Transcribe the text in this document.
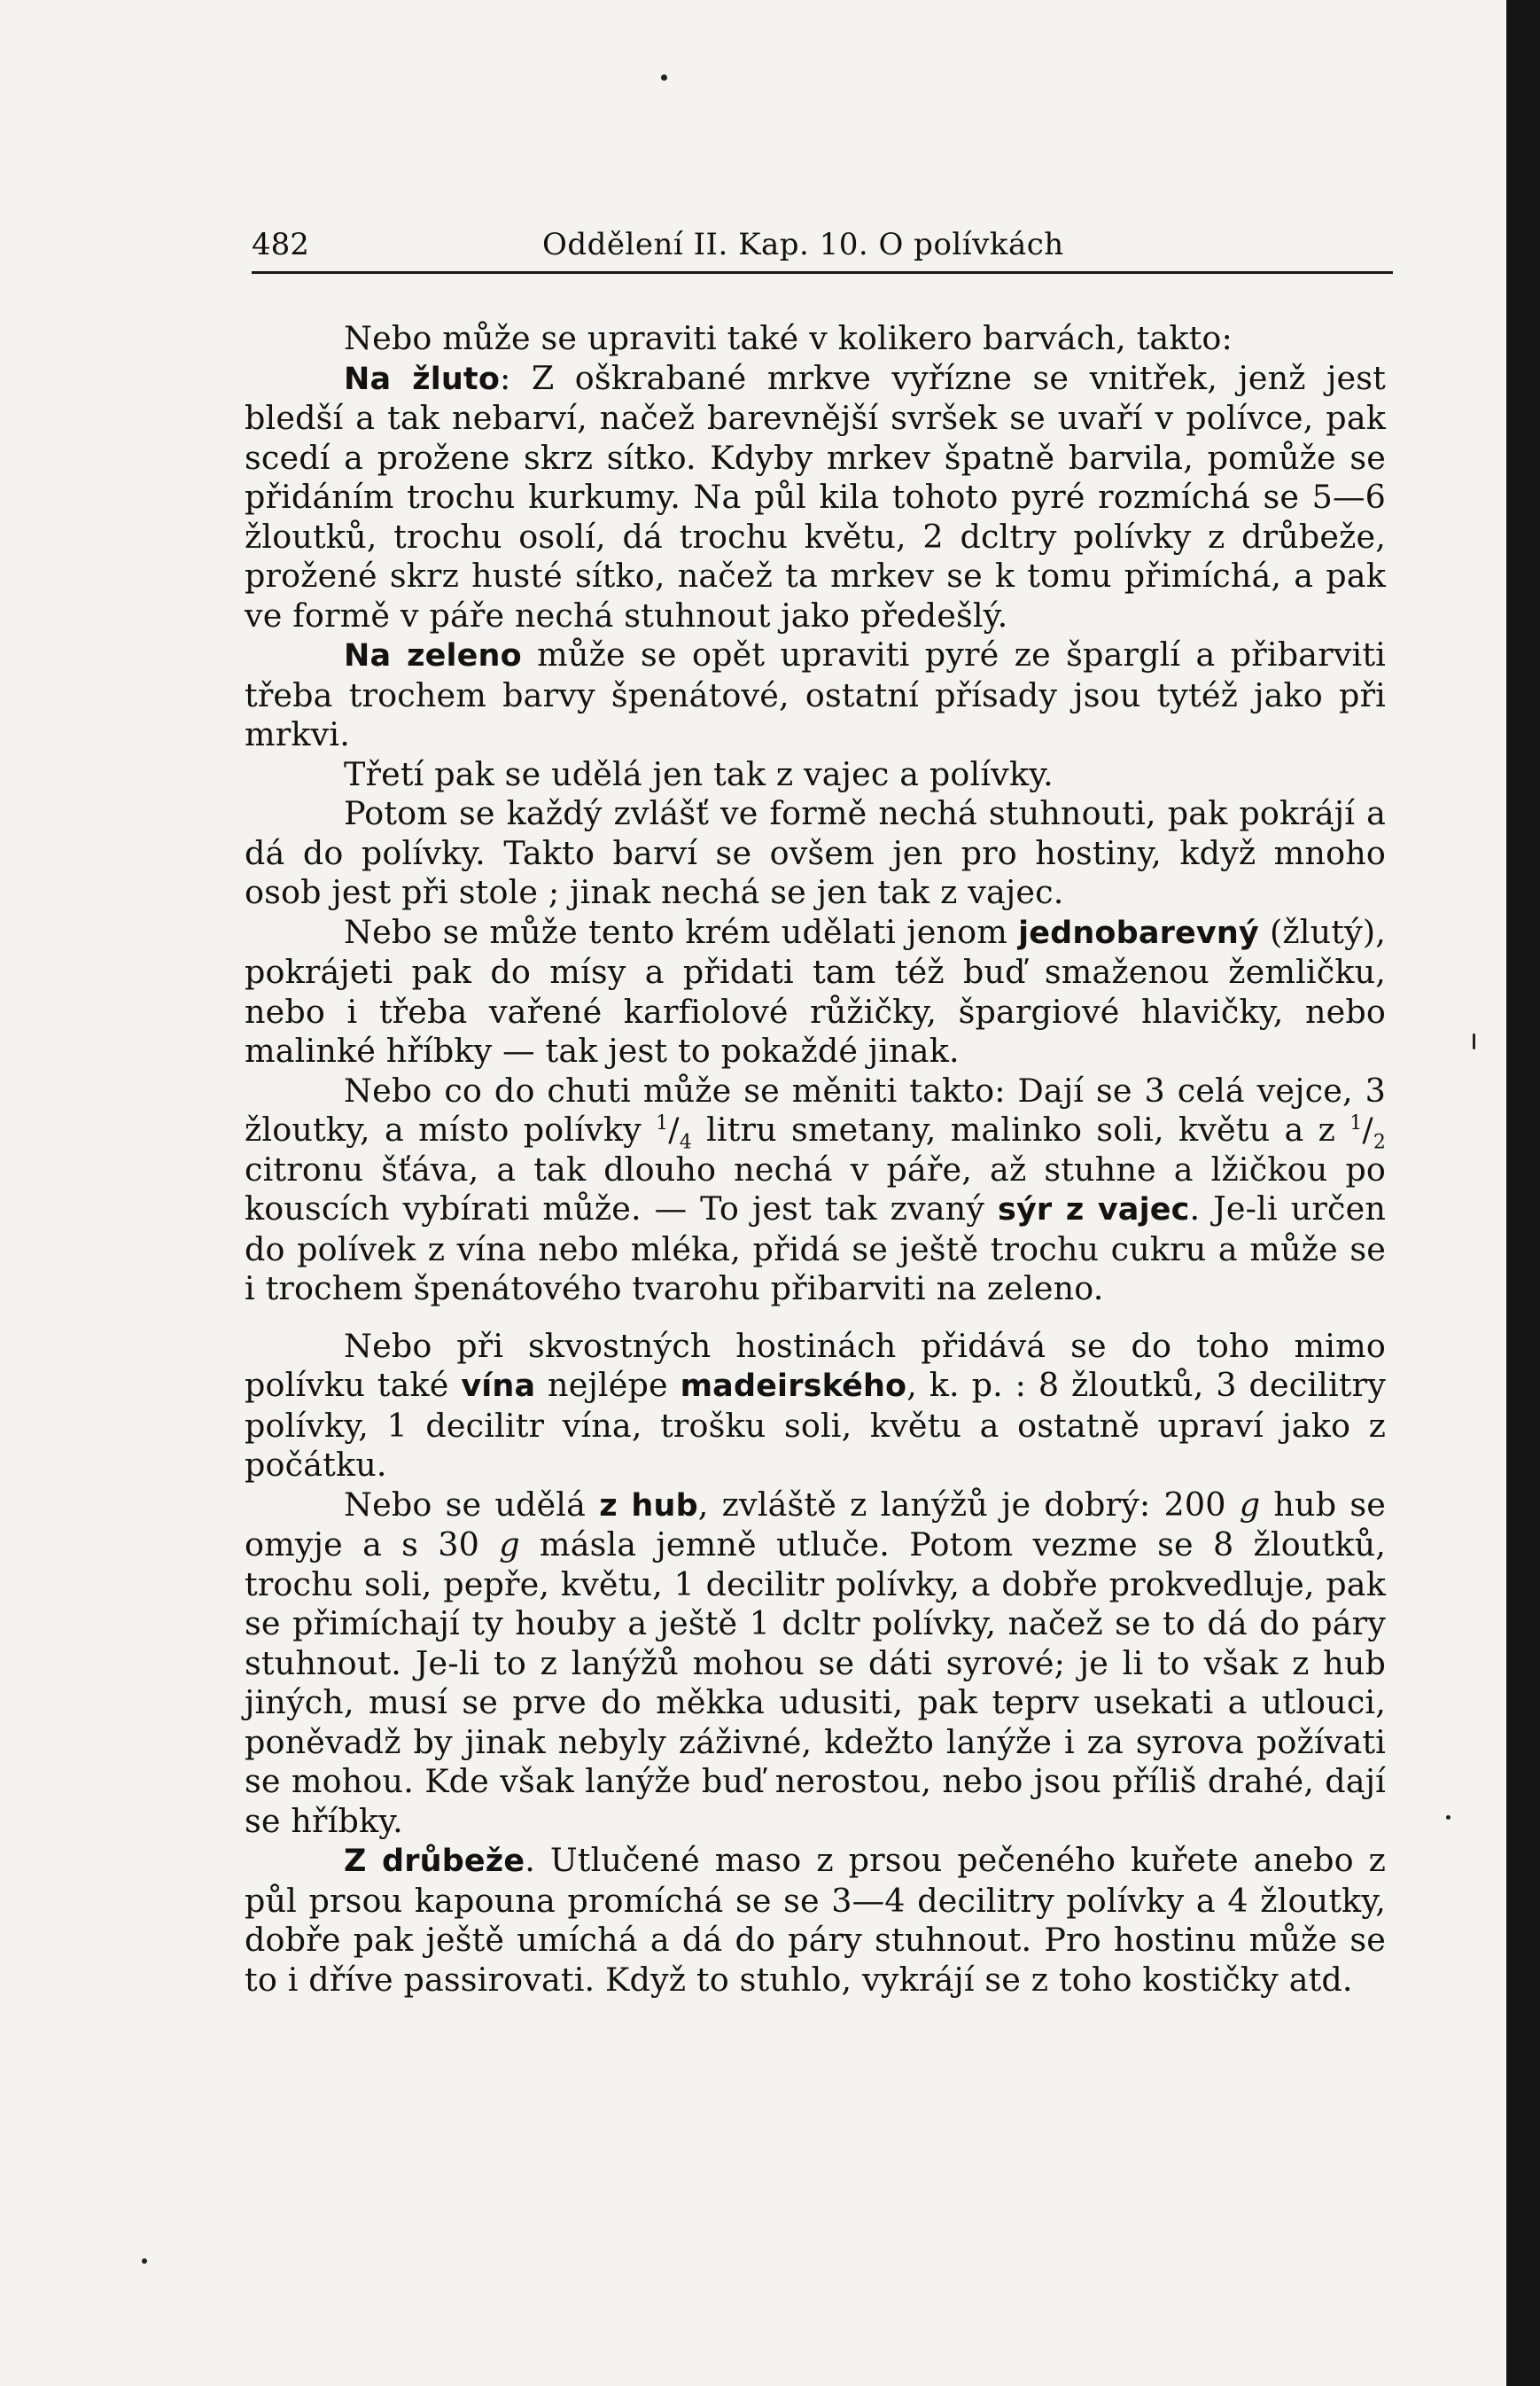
482	Oddělení II. Kap. 10. O polívkách

Nebo může se upraviti také v kolikero barvách, takto:

Na žluto: Z oškrabané mrkve vyřízne se vnitřek, jenž jest bledší a tak nebarví, načež barevnější svršek se uvaří v polívce, pak scedí a prožene skrz sítko. Kdyby mrkev špatně barvila, pomůže se přidáním trochu kurkumy. Na půl kila tohoto pyré rozmíchá se 5—6 žloutků, trochu osolí, dá trochu květu, 2 dcltry polívky z drůbeže, prožené skrz husté sítko, načež ta mrkev se k tomu přimíchá, a pak ve formě v páře nechá stuhnout jako předešlý.

Na zeleno může se opět upraviti pyré ze šparglí a přibarviti třeba trochem barvy špenátové, ostatní přísady jsou tytéž jako při mrkvi.

Třetí pak se udělá jen tak z vajec a polívky.

Potom se každý zvlášť ve formě nechá stuhnouti, pak pokrájí a dá do polívky. Takto barví se ovšem jen pro hostiny, když mnoho osob jest při stole ; jinak nechá se jen tak z vajec.

Nebo se může tento krém udělati jenom jednobarevný (žlutý), pokrájeti pak do mísy a přidati tam též buď smaženou žemličku, nebo i třeba vařené karfiolové růžičky, špargiové hlavičky, nebo malinké hříbky — tak jest to pokaždé jinak.

Nebo co do chuti může se měniti takto: Dají se 3 celá vejce, 3 žloutky, a místo polívky $^1/_4$ litru smetany, malinko soli, květu a z $^1/_2$ citronu šťáva, a tak dlouho nechá v páře, až stuhne a lžičkou po kouscích vybírati může. — To jest tak zvaný sýr z vajec. Je-li určen do polívek z vína nebo mléka, přidá se ještě trochu cukru a může se i trochem špenátového tvarohu přibarviti na zeleno.

Nebo při skvostných hostinách přidává se do toho mimo polívku také vína nejlépe madeirského, k. p. : 8 žloutků, 3 decilitry polívky, 1 decilitr vína, trošku soli, květu a ostatně upraví jako z počátku.

Nebo se udělá z hub, zvláště z lanýžů je dobrý: 200 g hub se omyje a s 30 g másla jemně utluče. Potom vezme se 8 žloutků, trochu soli, pepře, květu, 1 decilitr polívky, a dobře prokvedluje, pak se přimíchají ty houby a ještě 1 dcltr polívky, načež se to dá do páry stuhnout. Je-li to z lanýžů mohou se dáti syrové; je li to však z hub jiných, musí se prve do měkka udusiti, pak teprv usekati a utlouci, poněvadž by jinak nebyly záživné, kdežto lanýže i za syrova požívati se mohou. Kde však lanýže buď nerostou, nebo jsou příliš drahé, dají se hříbky.

Z drůbeže. Utlučené maso z prsou pečeného kuřete anebo z půl prsou kapouna promíchá se se 3—4 decilitry polívky a 4 žloutky, dobře pak ještě umíchá a dá do páry stuhnout. Pro hostinu může se to i dříve passirovati. Když to stuhlo, vykrájí se z toho kostičky atd.
